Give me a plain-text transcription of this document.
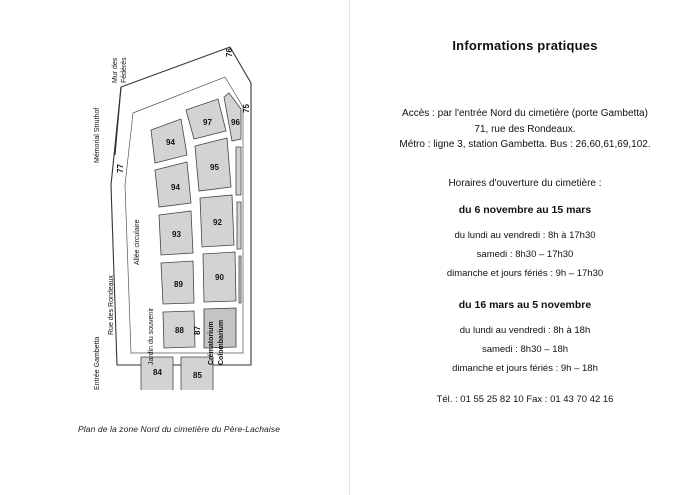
97 96
94
94
95
93
92
89
90
88
84	85
87
76
75
77
Mémorial Struthof
Mur des Fédérés
Allée circulaire
Jardin du souvenir
Rue des Rondeaux
Entrée Gambetta	Crématorium Colombarium
Plan de la zone Nord du cimetière du Père-Lachaise
Informations pratiques
Accès : par l'entrée Nord du cimetière (porte Gambetta)
71, rue des Rondeaux.
Métro : ligne 3, station Gambetta. Bus : 26,60,61,69,102.
Horaires d'ouverture du cimetière :
du 6 novembre au 15 mars
du lundi au vendredi : 8h à 17h30
samedi : 8h30 – 17h30
dimanche et jours fériés : 9h – 17h30
du 16 mars au 5 novembre
du lundi au vendredi : 8h à 18h
samedi : 8h30 – 18h
dimanche et jours fériés : 9h – 18h
Tél. : 01 55 25 82 10 Fax : 01 43 70 42 16
